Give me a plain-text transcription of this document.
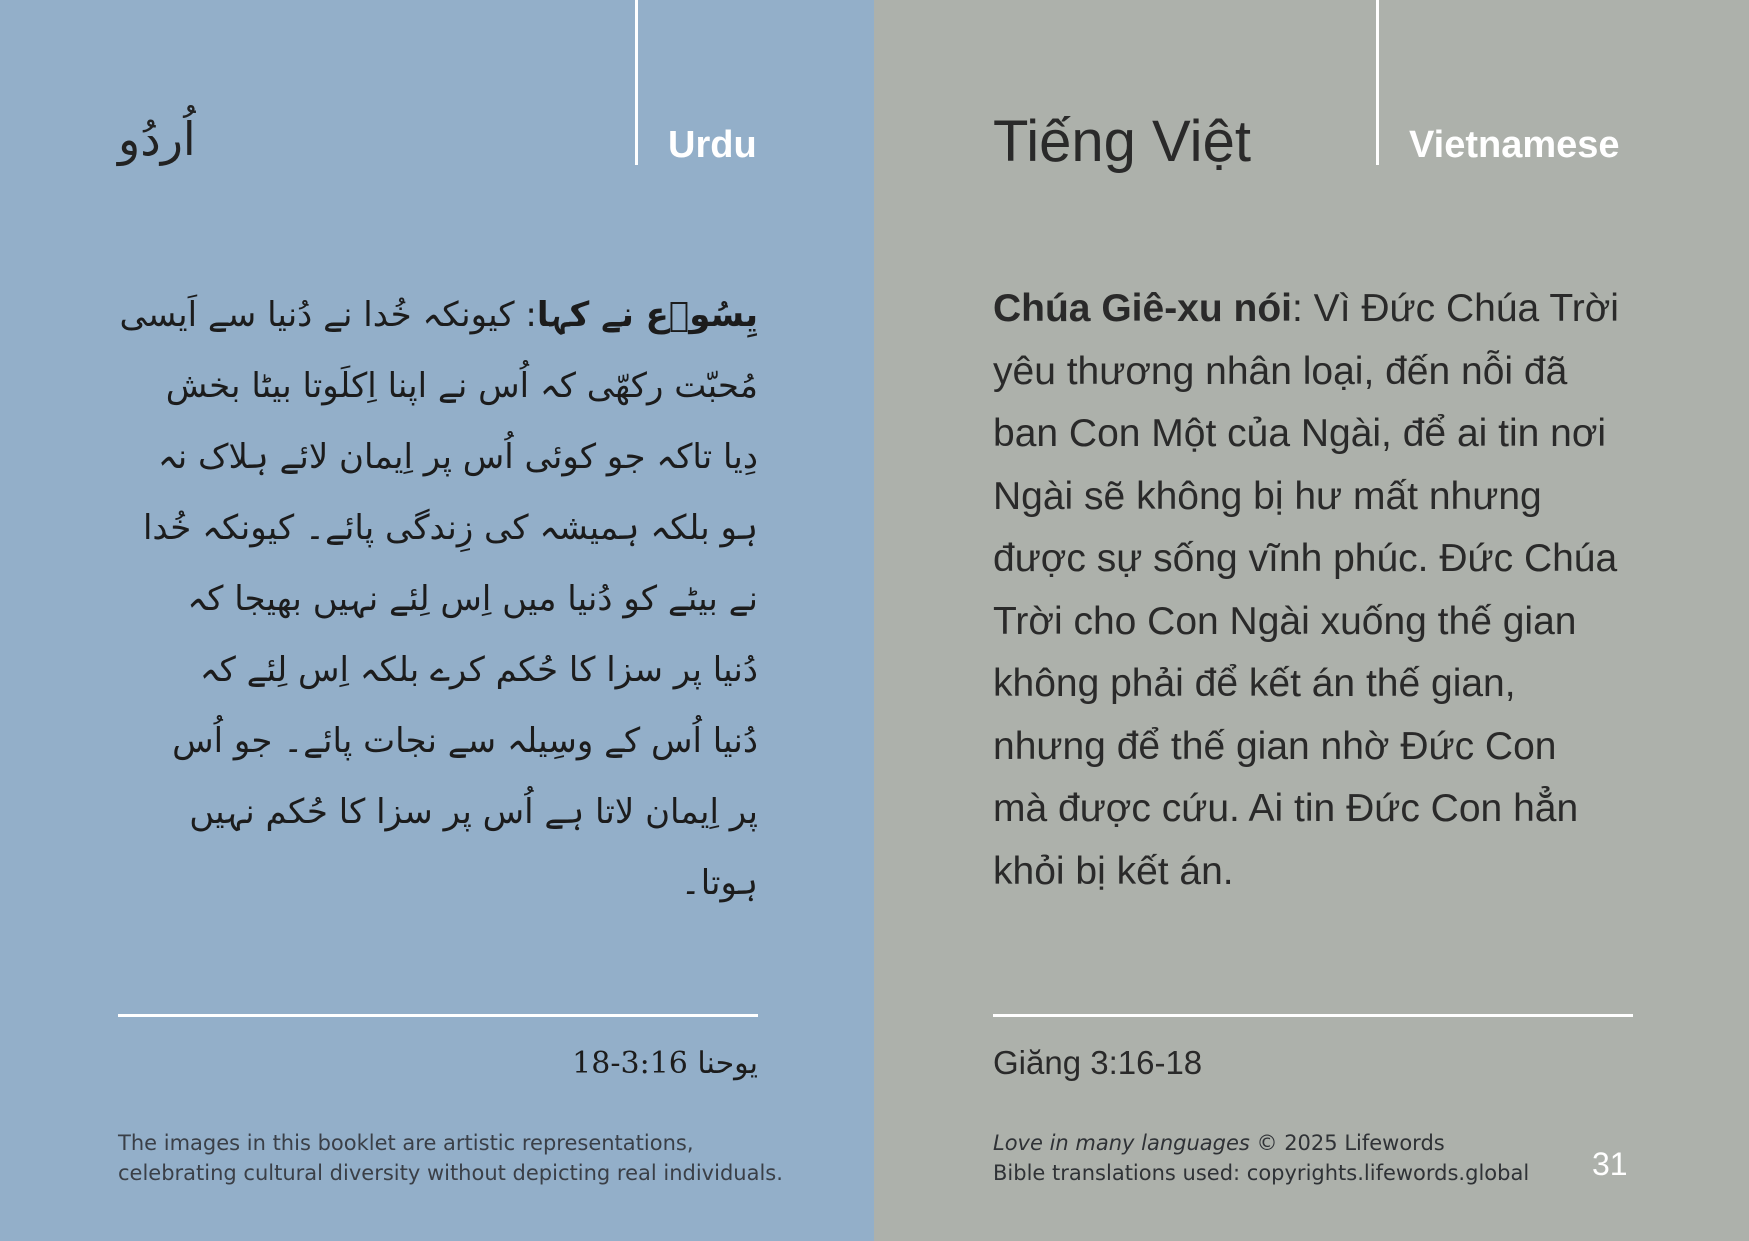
اُردُو	Urdu
یِسُوؔع نے کہا: کیونکہ خُدا نے دُنیا سے اَیسی
مُحبّت رکھّی کہ اُس نے اپنا اِکلَوتا بیٹا بخش
دِیا تاکہ جو کوئی اُس پر اِیمان لائے ہلاک نہ
ہو بلکہ ہمیشہ کی زِندگی پائے۔ کیونکہ خُدا
نے بیٹے کو دُنیا میں اِس لِئے نہیں بھیجا کہ
دُنیا پر سزا کا حُکم کرے بلکہ اِس لِئے کہ
دُنیا اُس کے وسِیلہ سے نجات پائے۔ جو اُس
پر اِیمان لاتا ہے اُس پر سزا کا حُکم نہیں ہوتا۔
یوحنا 3:16-18
The images in this booklet are artistic representations,
celebrating cultural diversity without depicting real individuals.
Tiếng Việt	Vietnamese
Chúa Giê-xu nói: Vì Đức Chúa Trời
yêu thương nhân loại, đến nỗi đã
ban Con Một của Ngài, để ai tin nơi
Ngài sẽ không bị hư mất nhưng
được sự sống vĩnh phúc. Đức Chúa
Trời cho Con Ngài xuống thế gian
không phải để kết án thế gian,
nhưng để thế gian nhờ Đức Con
mà được cứu. Ai tin Đức Con hẳn
khỏi bị kết án.
Giăng 3:16-18
Love in many languages © 2025 Lifewords
Bible translations used: copyrights.lifewords.global	31
